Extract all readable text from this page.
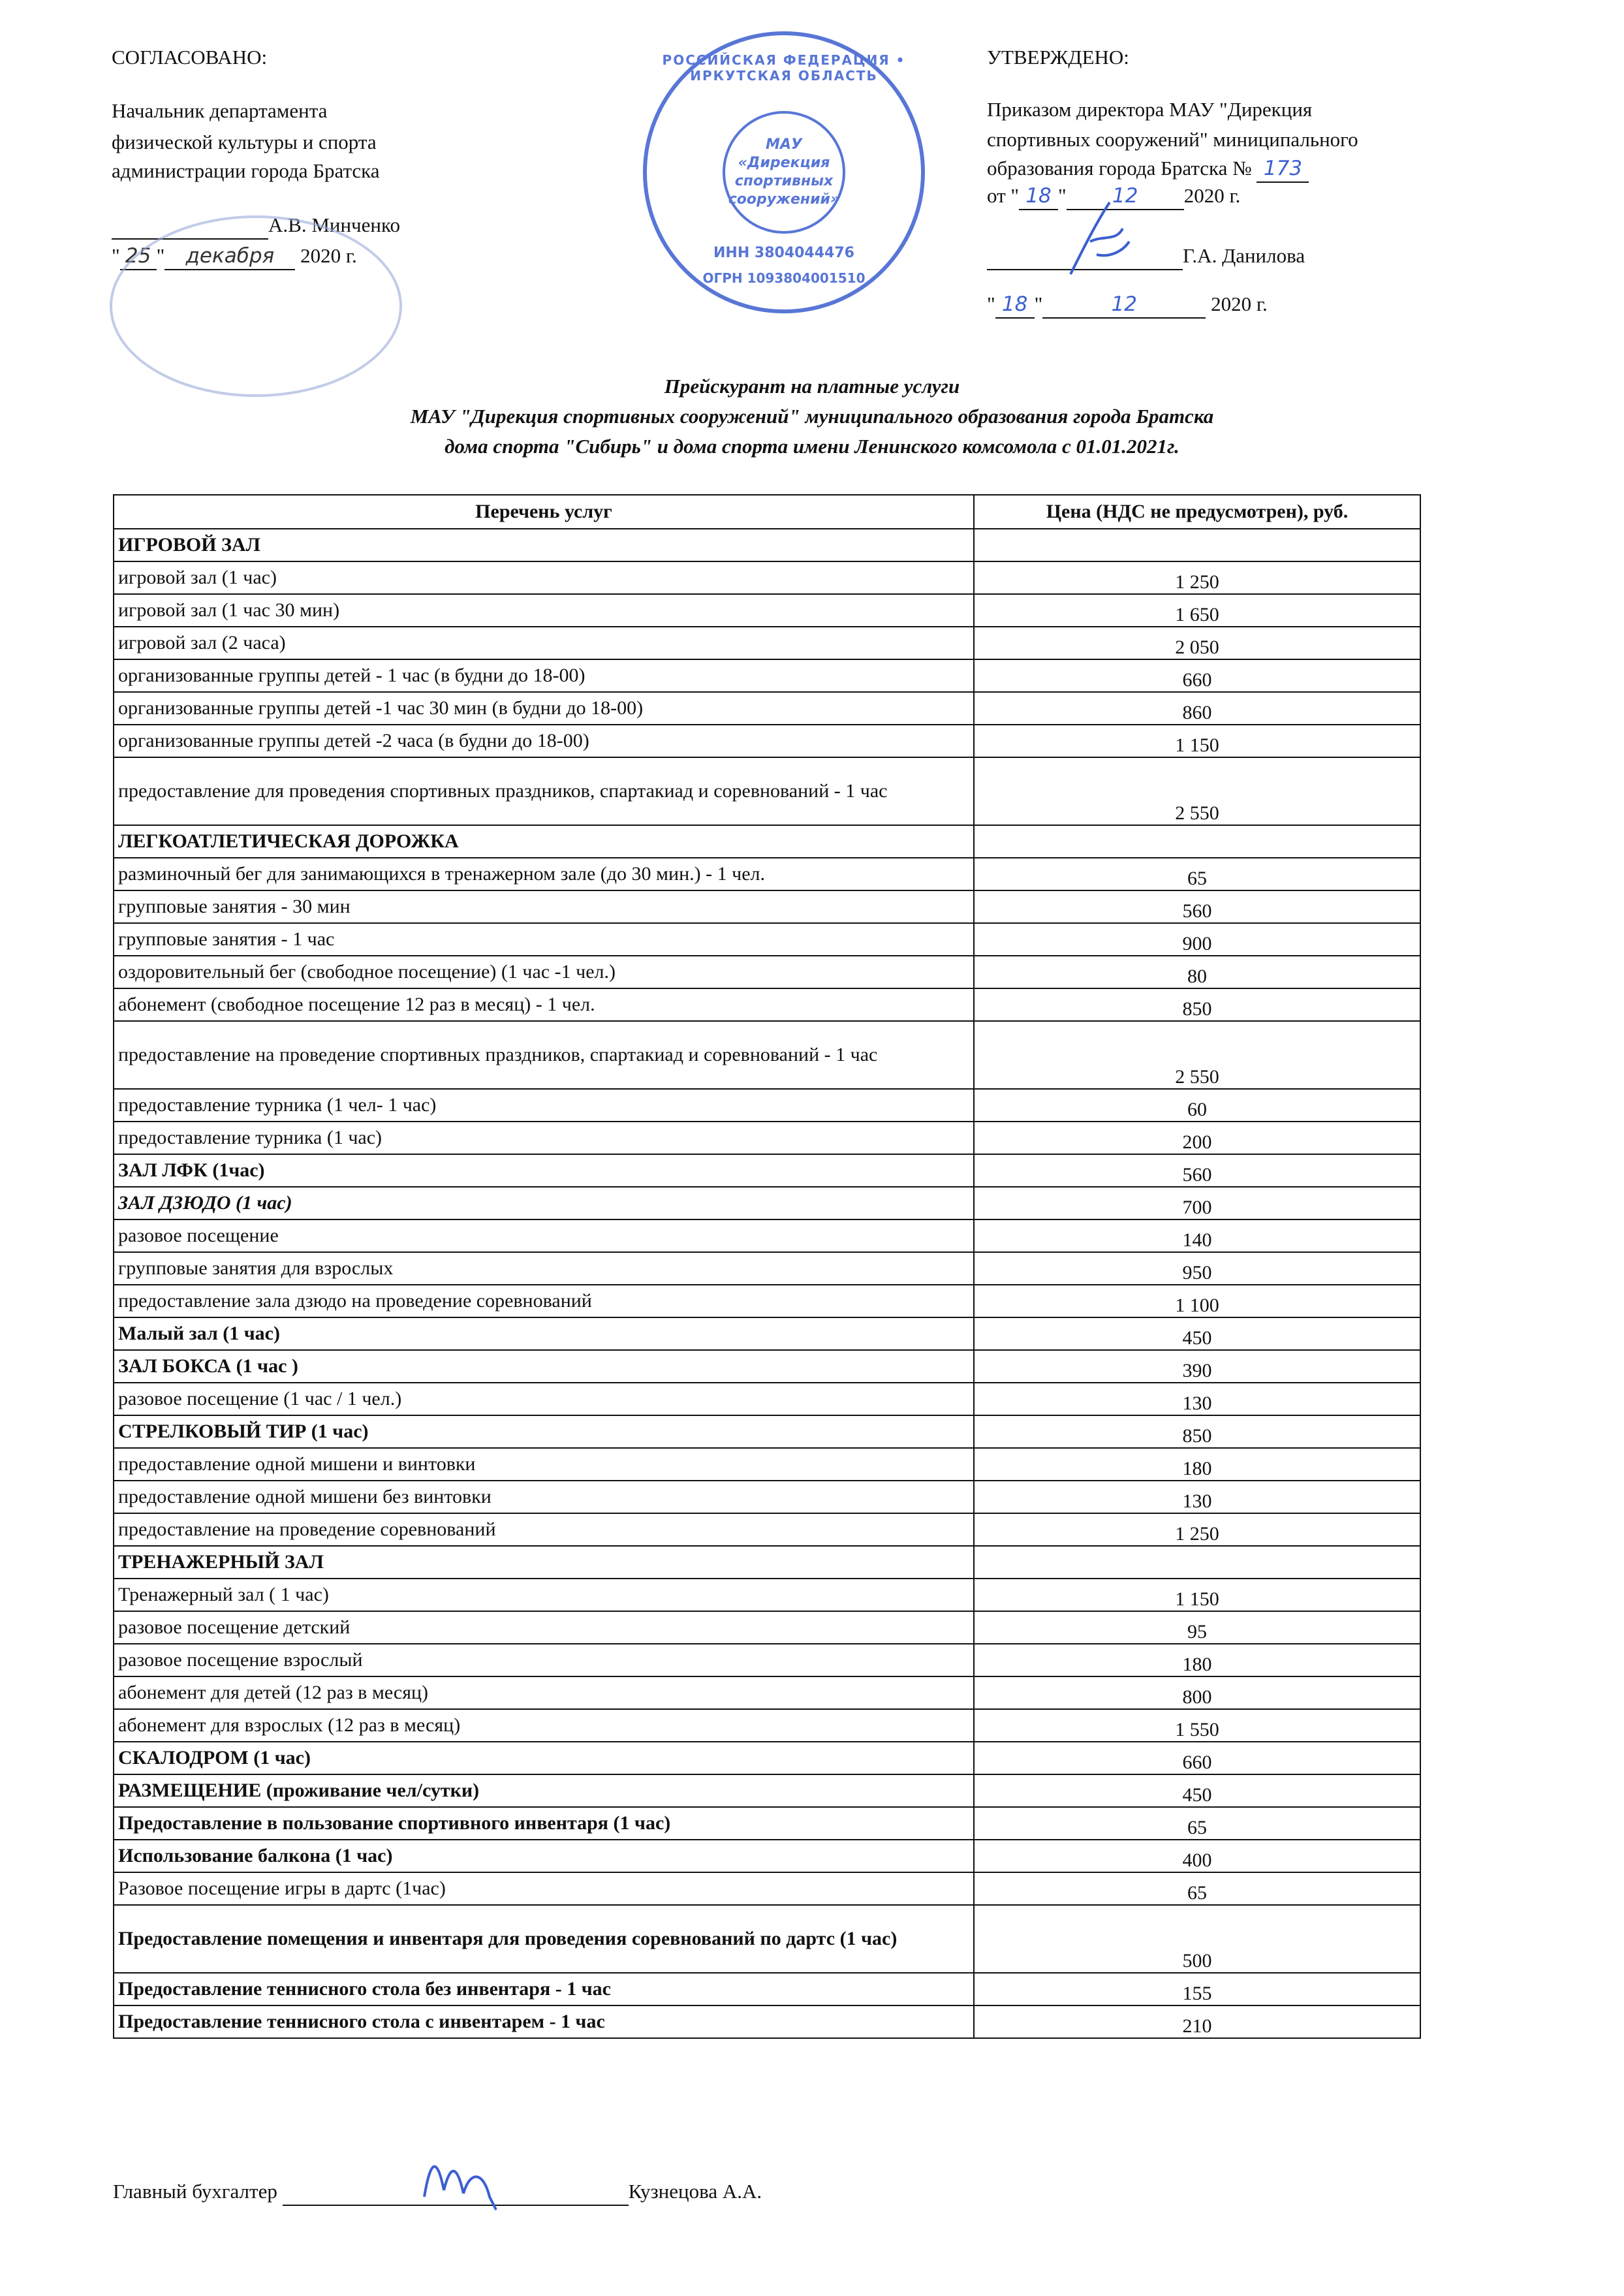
СОГЛАСОВАНО:
Начальник департамента
физической культуры и спорта
администрации города Братска
А.В. Минченко
" 25 " декабря 2020 г.
РОССИЙСКАЯ ФЕДЕРАЦИЯ • ИРКУТСКАЯ ОБЛАСТЬ
МАУ «Дирекция спортивных сооружений»
ИНН 3804044476
ОГРН 1093804001510
УТВЕРЖДЕНО:
Приказом директора МАУ "Дирекция
спортивных сооружений" миниципального
образования города Братска № 173
от " 18 " 12 2020 г.
Г.А. Данилова
" 18 "	12	2020 г.
Прейскурант на платные услуги
МАУ "Дирекция спортивных сооружений" муниципального образования города Братска
дома спорта "Сибирь" и дома спорта имени Ленинского комсомола с 01.01.2021г.
Перечень услуг	Цена (НДС не предусмотрен), руб.
ИГРОВОЙ ЗАЛ	
игровой зал (1 час)	1 250
игровой зал (1 час 30 мин)	1 650
игровой зал (2 часа)	2 050
организованные группы детей - 1 час (в будни до 18-00)	660
организованные группы детей -1 час 30 мин (в будни до 18-00)	860
организованные группы детей -2 часа (в будни до 18-00)	1 150
предоставление для проведения спортивных праздников, спартакиад и соревнований - 1 час	2 550
ЛЕГКОАТЛЕТИЧЕСКАЯ ДОРОЖКА	
разминочный бег для занимающихся в тренажерном зале (до 30 мин.) - 1 чел.	65
групповые занятия - 30 мин	560
групповые занятия - 1 час	900
оздоровительный бег (свободное посещение) (1 час -1 чел.)	80
абонемент (свободное посещение 12 раз в месяц) - 1 чел.	850
предоставление на проведение спортивных праздников, спартакиад и соревнований - 1 час	2 550
предоставление турника (1 чел- 1 час)	60
предоставление турника (1 час)	200
ЗАЛ ЛФК (1час)	560
ЗАЛ ДЗЮДО (1 час)	700
разовое посещение	140
групповые занятия для взрослых	950
предоставление зала дзюдо на проведение соревнований	1 100
Малый зал (1 час)	450
ЗАЛ БОКСА (1 час )	390
разовое посещение (1 час / 1 чел.)	130
СТРЕЛКОВЫЙ ТИР (1 час)	850
предоставление одной мишени и винтовки	180
предоставление одной мишени без винтовки	130
предоставление на проведение соревнований	1 250
ТРЕНАЖЕРНЫЙ ЗАЛ	
Тренажерный зал ( 1 час)	1 150
разовое посещение детский	95
разовое посещение взрослый	180
абонемент для детей (12 раз в месяц)	800
абонемент для взрослых (12 раз в месяц)	1 550
СКАЛОДРОМ (1 час)	660
РАЗМЕЩЕНИЕ (проживание чел/сутки)	450
Предоставление в пользование спортивного инвентаря (1 час)	65
Использование балкона (1 час)	400
Разовое посещение игры в дартс (1час)	65
Предоставление помещения и инвентаря для проведения соревнований по дартс (1 час)	500
Предоставление теннисного стола без инвентаря - 1 час	155
Предоставление теннисного стола с инвентарем - 1 час	210
Главный бухгалтер	Кузнецова А.А.
